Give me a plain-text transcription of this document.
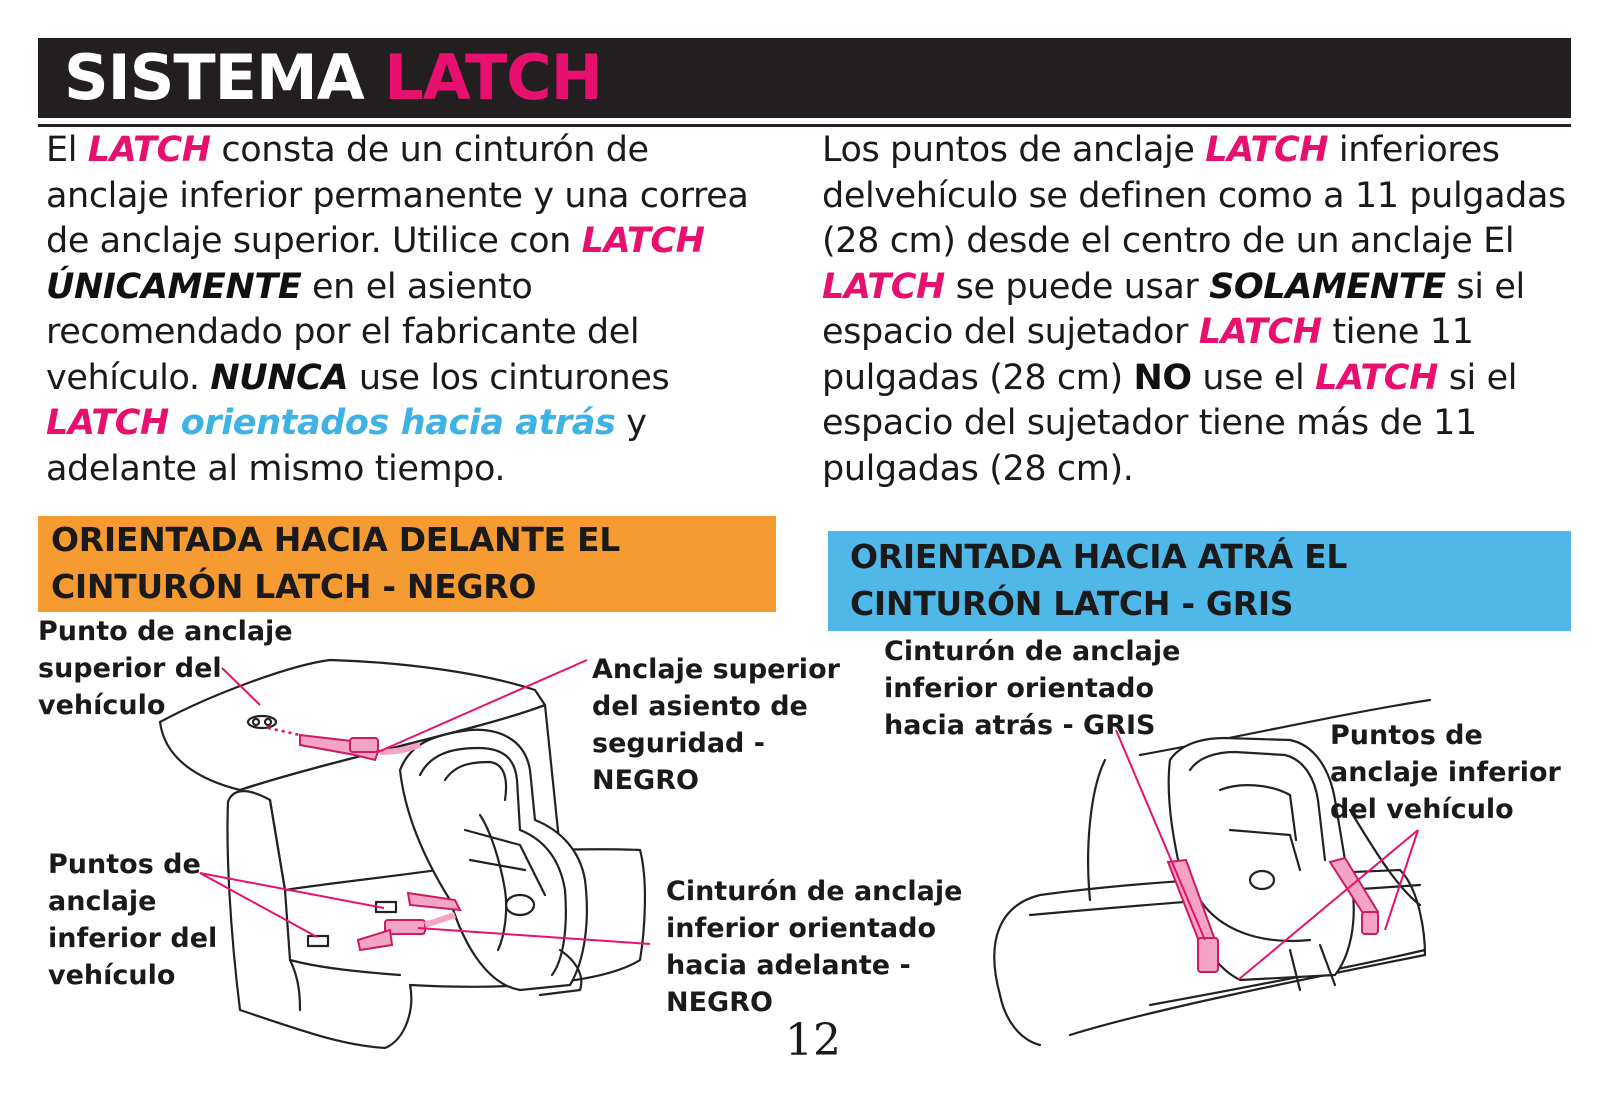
SISTEMA LATCH
El LATCH consta de un cinturón de anclaje inferior permanente y una correa de anclaje superior. Utilice con LATCH ÚNICAMENTE en el asiento recomendado por el fabricante del vehículo. NUNCA use los cinturones LATCH orientados hacia atrás y adelante al mismo tiempo.
Los puntos de anclaje LATCH inferiores delvehículo se definen como a 11 pulgadas (28 cm) desde el centro de un anclaje El LATCH se puede usar SOLAMENTE si el espacio del sujetador LATCH tiene 11 pulgadas (28 cm) NO use el LATCH si el espacio del sujetador tiene más de 11 pulgadas (28 cm).
ORIENTADA HACIA DELANTE EL
CINTURÓN LATCH - NEGRO
ORIENTADA HACIA ATRÁ EL
CINTURÓN LATCH - GRIS
Punto de anclaje
superior del
vehículo
Anclaje superior
del asiento de
seguridad -
NEGRO
Puntos de
anclaje
inferior del
vehículo
Cinturón de anclaje
inferior orientado
hacia adelante -
NEGRO
Cinturón de anclaje
inferior orientado
hacia atrás - GRIS	Puntos de
anclaje inferior
del vehículo
12
